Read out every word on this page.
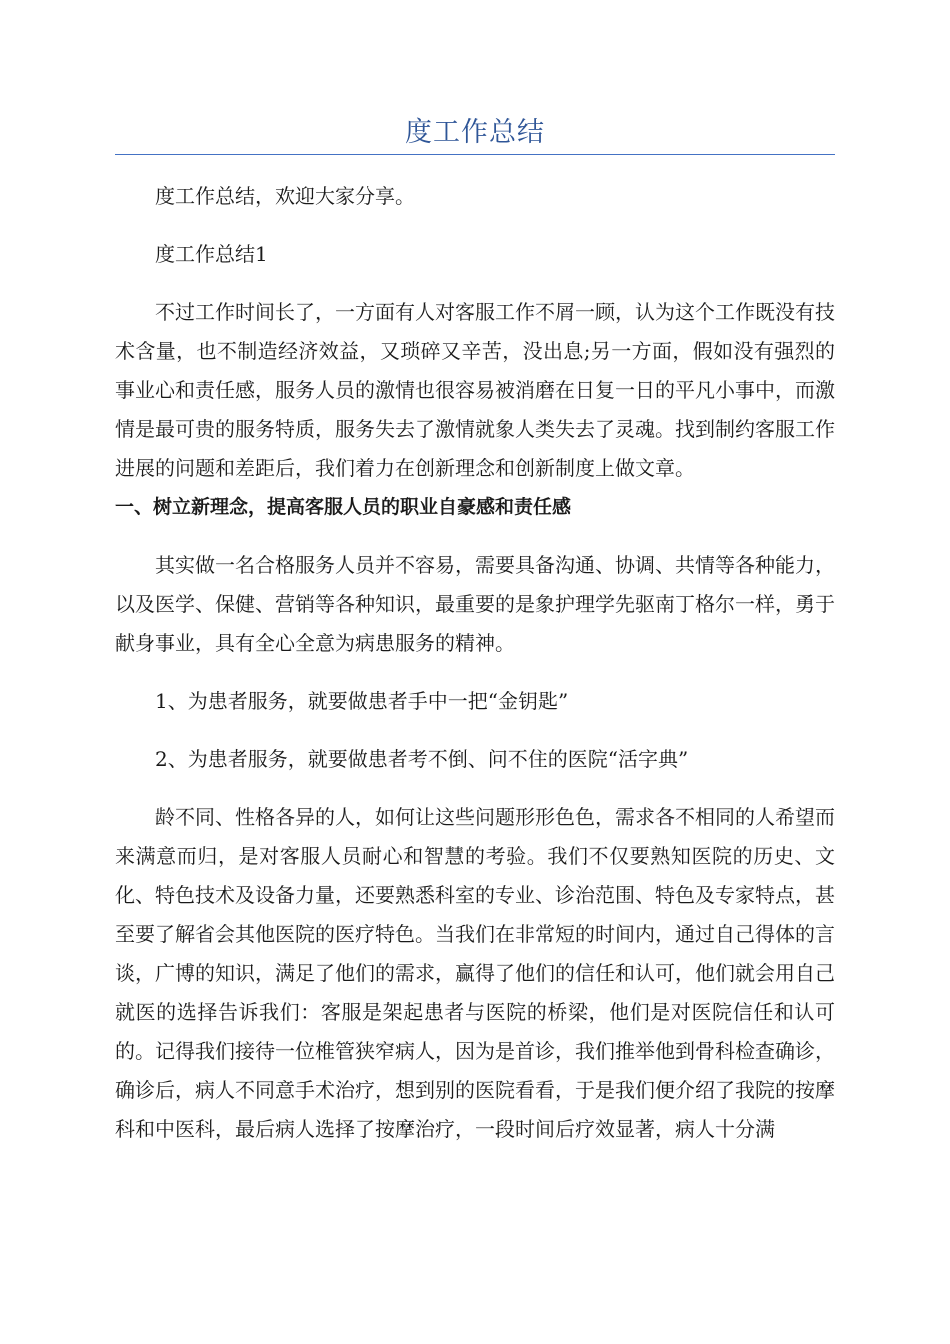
度工作总结

度工作总结，欢迎大家分享。

度工作总结1

不过工作时间长了，一方面有人对客服工作不屑一顾，认为这个工作既没有技术含量，也不制造经济效益，又琐碎又辛苦，没出息;另一方面，假如没有强烈的事业心和责任感，服务人员的激情也很容易被消磨在日复一日的平凡小事中，而激情是最可贵的服务特质，服务失去了激情就象人类失去了灵魂。找到制约客服工作进展的问题和差距后，我们着力在创新理念和创新制度上做文章。

一、树立新理念，提高客服人员的职业自豪感和责任感

其实做一名合格服务人员并不容易，需要具备沟通、协调、共情等各种能力，以及医学、保健、营销等各种知识，最重要的是象护理学先驱南丁格尔一样，勇于献身事业，具有全心全意为病患服务的精神。

1、为患者服务，就要做患者手中一把“金钥匙”

2、为患者服务，就要做患者考不倒、问不住的医院“活字典”

龄不同、性格各异的人，如何让这些问题形形色色，需求各不相同的人希望而来满意而归，是对客服人员耐心和智慧的考验。我们不仅要熟知医院的历史、文化、特色技术及设备力量，还要熟悉科室的专业、诊治范围、特色及专家特点，甚至要了解省会其他医院的医疗特色。当我们在非常短的时间内，通过自己得体的言谈，广博的知识，满足了他们的需求，赢得了他们的信任和认可，他们就会用自己就医的选择告诉我们：客服是架起患者与医院的桥梁，他们是对医院信任和认可的。记得我们接待一位椎管狭窄病人，因为是首诊，我们推举他到骨科检查确诊，确诊后，病人不同意手术治疗，想到别的医院看看，于是我们便介绍了我院的按摩科和中医科，最后病人选择了按摩治疗，一段时间后疗效显著，病人十分满
